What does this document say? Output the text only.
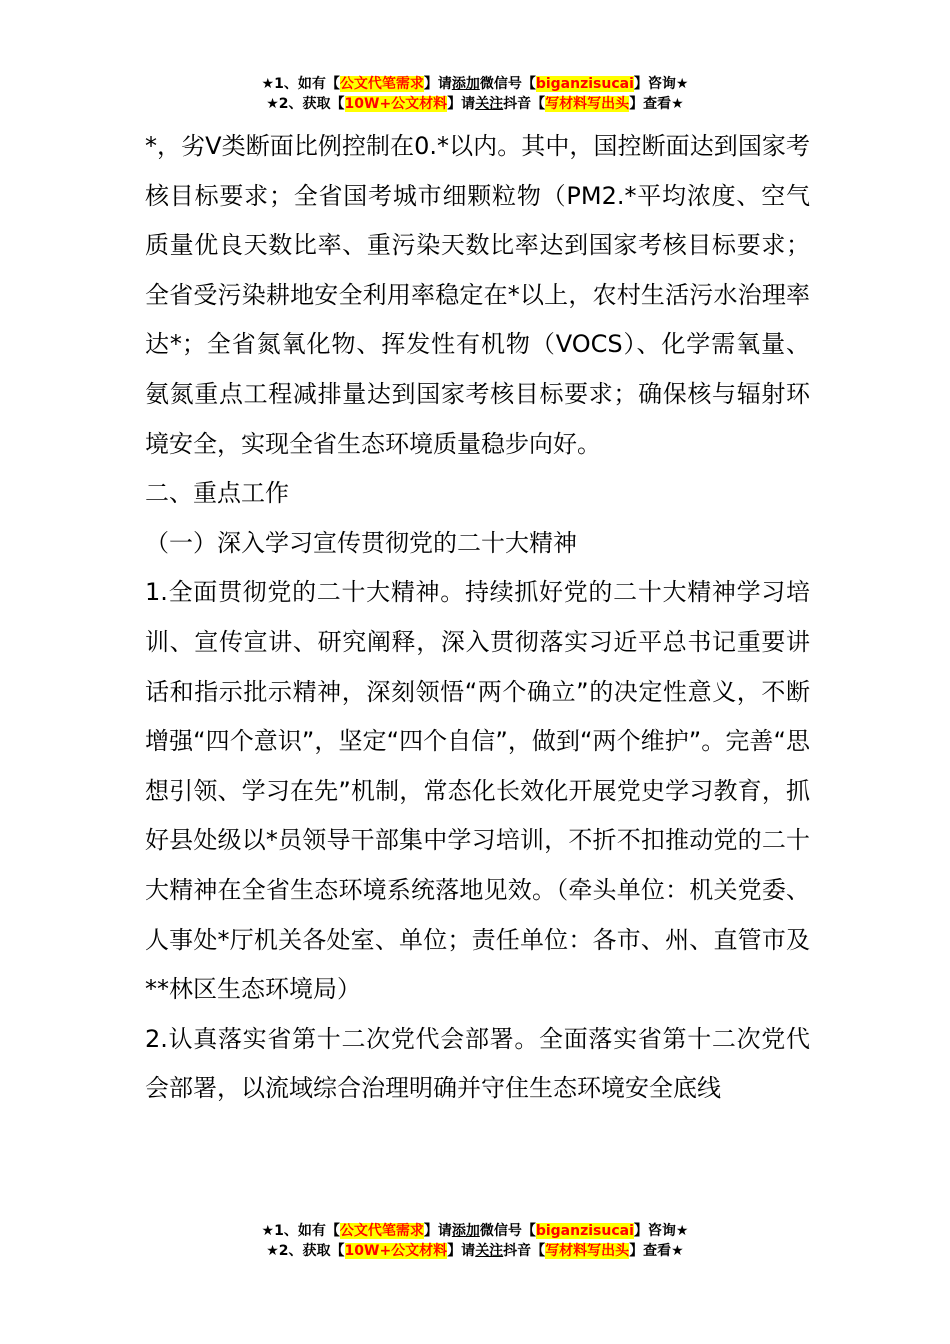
★1、如有【公文代笔需求】请添加微信号【biganzisucai】咨询★
★2、获取【10W+公文材料】请关注抖音【写材料写出头】查看★

*，劣Ⅴ类断面比例控制在0.*以内。其中，国控断面达到国家考核目标要求；全省国考城市细颗粒物（PM2.*平均浓度、空气质量优良天数比率、重污染天数比率达到国家考核目标要求；全省受污染耕地安全利用率稳定在*以上，农村生活污水治理率达*；全省氮氧化物、挥发性有机物（VOCS）、化学需氧量、氨氮重点工程减排量达到国家考核目标要求；确保核与辐射环境安全，实现全省生态环境质量稳步向好。

二、重点工作

（一）深入学习宣传贯彻党的二十大精神

1.全面贯彻党的二十大精神。持续抓好党的二十大精神学习培训、宣传宣讲、研究阐释，深入贯彻落实习近平总书记重要讲话和指示批示精神，深刻领悟“两个确立”的决定性意义，不断增强“四个意识”，坚定“四个自信”，做到“两个维护”。完善“思想引领、学习在先”机制，常态化长效化开展党史学习教育，抓好县处级以*员领导干部集中学习培训，不折不扣推动党的二十大精神在全省生态环境系统落地见效。（牵头单位：机关党委、人事处*厅机关各处室、单位；责任单位：各市、州、直管市及**林区生态环境局）

2.认真落实省第十二次党代会部署。全面落实省第十二次党代会部署，以流域综合治理明确并守住生态环境安全底线

★1、如有【公文代笔需求】请添加微信号【biganzisucai】咨询★
★2、获取【10W+公文材料】请关注抖音【写材料写出头】查看★
